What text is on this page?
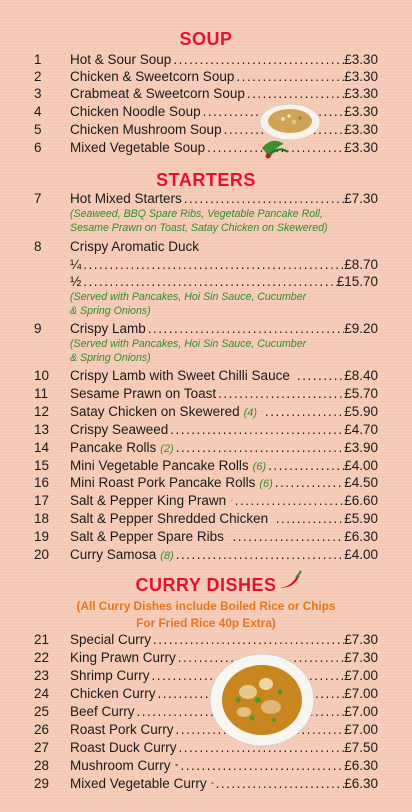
SOUP
1	Hot & Sour Soup .....	£3.30
2	Chicken & Sweetcorn Soup .....	£3.30
3	Crabmeat & Sweetcorn Soup .....	£3.30
4	Chicken Noodle Soup .....	£3.30
5	Chicken Mushroom Soup .....	£3.30
6	Mixed Vegetable Soup .....	£3.30
STARTERS
7	Hot Mixed Starters .....	£7.30
(Seaweed, BBQ Spare Ribs, Vegetable Pancake Roll,
Sesame Prawn on Toast, Satay Chicken on Skewered)
8	Crispy Aromatic Duck
¼ .....	£8.70
½ .....	£15.70
(Served with Pancakes, Hoi Sin Sauce, Cucumber
& Spring Onions)
9	Crispy Lamb .....	£9.20
(Served with Pancakes, Hoi Sin Sauce, Cucumber
& Spring Onions)
10	Crispy Lamb with Sweet Chilli Sauce .....	£8.40
11	Sesame Prawn on Toast .....	£5.70
12	Satay Chicken on Skewered (4) .....	£5.90
13	Crispy Seaweed .....	£4.70
14	Pancake Rolls (2) .....	£3.90
15	Mini Vegetable Pancake Rolls (6) .....	£4.00
16	Mini Roast Pork Pancake Rolls (6) .....	£4.50
17	Salt & Pepper King Prawn .....	£6.60
18	Salt & Pepper Shredded Chicken .....	£5.90
19	Salt & Pepper Spare Ribs .....	£6.30
20	Curry Samosa (8) .....	£4.00
CURRY DISHES
(All Curry Dishes include Boiled Rice or Chips
For Fried Rice 40p Extra)
21	Special Curry .....	£7.30
22	King Prawn Curry .....	£7.30
23	Shrimp Curry .....	£7.00
24	Chicken Curry .....	£7.00
25	Beef Curry .....	£7.00
26	Roast Pork Curry .....	£7.00
27	Roast Duck Curry .....	£7.50
28	Mushroom Curry .....	£6.30
29	Mixed Vegetable Curry .....	£6.30
